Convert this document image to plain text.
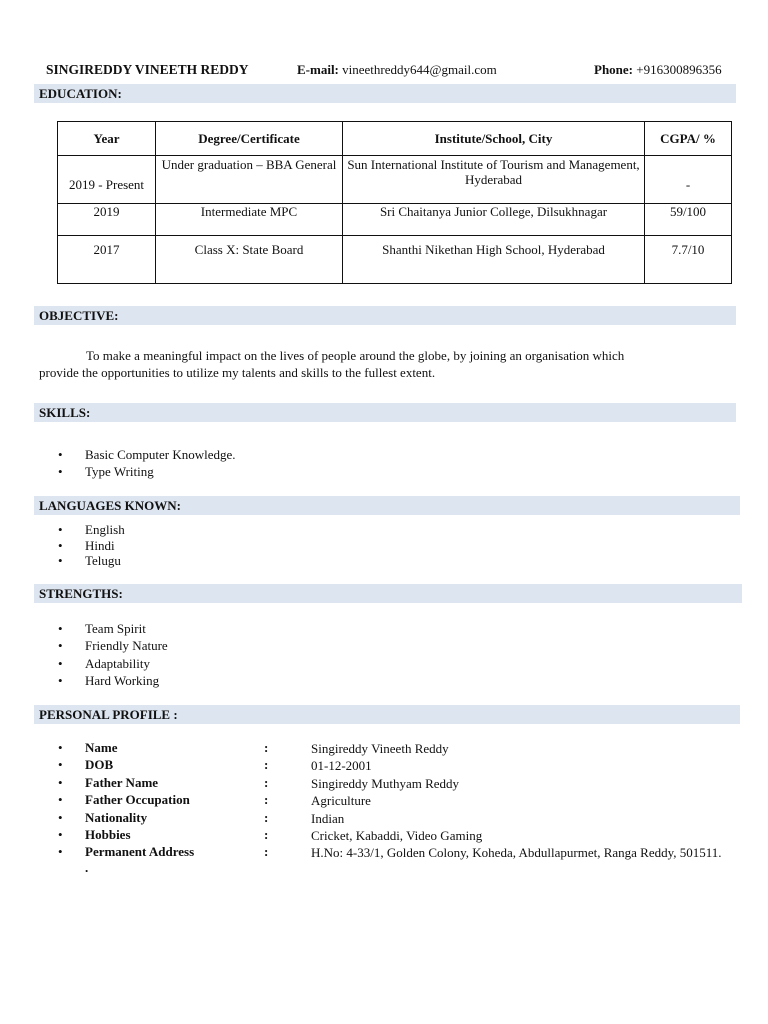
SINGIREDDY VINEETH REDDY	E-mail: vineethreddy644@gmail.com	Phone: +916300896356
EDUCATION:
Year	Degree/Certificate	Institute/School, City	CGPA/ %
2019 - Present	Under graduation – BBA General	Sun International Institute of Tourism and Management, Hyderabad	-
2019	Intermediate MPC	Sri Chaitanya Junior College, Dilsukhnagar	59/100
2017	Class X: State Board	Shanthi Nikethan High School, Hyderabad	7.7/10
OBJECTIVE:
To make a meaningful impact on the lives of people around the globe, by joining an organisation which
provide the opportunities to utilize my talents and skills to the fullest extent.
SKILLS:
• Basic Computer Knowledge.
• Type Writing
LANGUAGES KNOWN:
• English
• Hindi
• Telugu
STRENGTHS:
• Team Spirit
• Friendly Nature
• Adaptability
• Hard Working
PERSONAL PROFILE :
• Name	:	Singireddy Vineeth Reddy
• DOB	:	01-12-2001
• Father Name	:	Singireddy Muthyam Reddy
• Father Occupation	:	Agriculture
• Nationality	:	Indian
• Hobbies	:	Cricket, Kabaddi, Video Gaming
• Permanent Address	:	H.No: 4-33/1, Golden Colony, Koheda, Abdullapurmet, Ranga Reddy, 501511.
.
